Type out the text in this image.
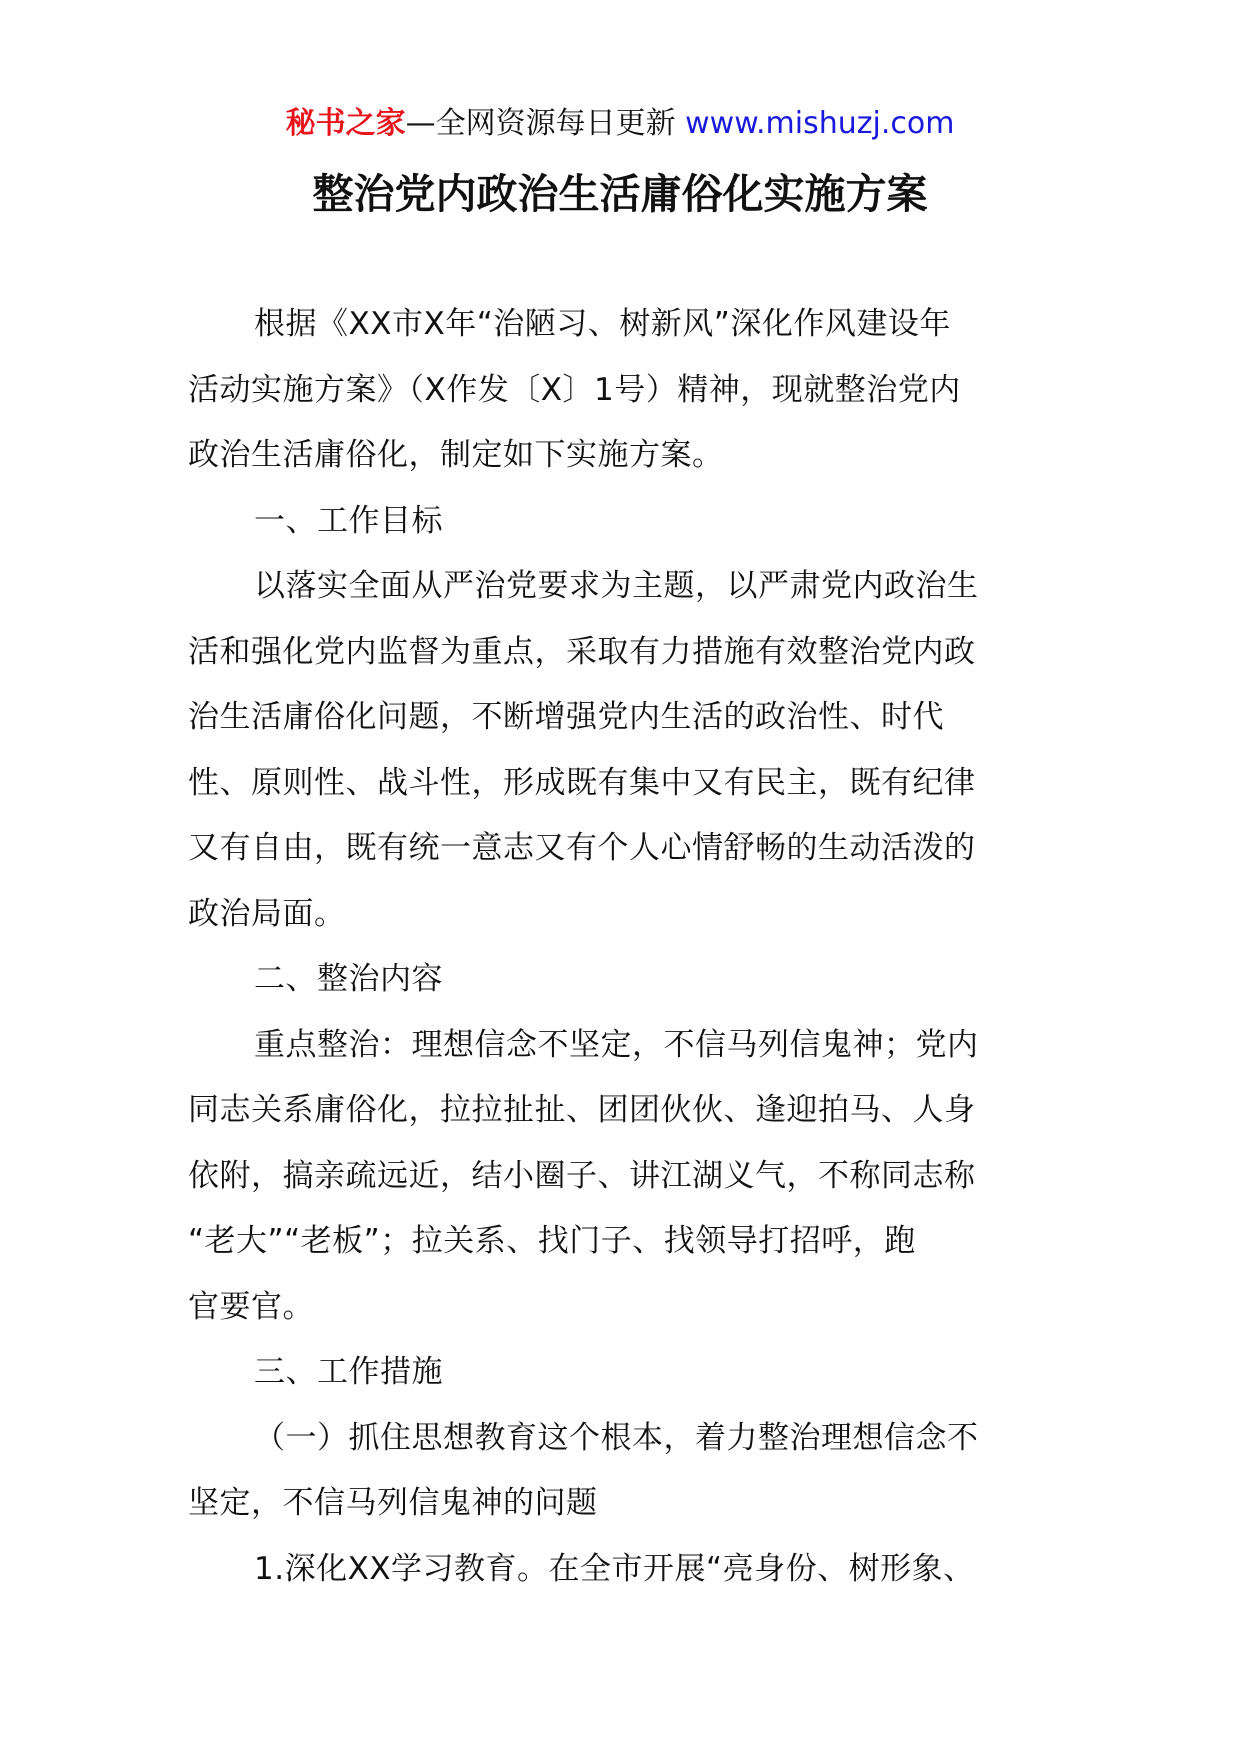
秘书之家—全网资源每日更新 www.mishuzj.com
整治党内政治生活庸俗化实施方案
根据《XX市X年“治陋习、树新风”深化作风建设年
活动实施方案》（X作发〔X〕1号）精神，现就整治党内
政治生活庸俗化，制定如下实施方案。
一、工作目标
以落实全面从严治党要求为主题，以严肃党内政治生
活和强化党内监督为重点，采取有力措施有效整治党内政
治生活庸俗化问题，不断增强党内生活的政治性、时代
性、原则性、战斗性，形成既有集中又有民主，既有纪律
又有自由，既有统一意志又有个人心情舒畅的生动活泼的
政治局面。
二、整治内容
重点整治：理想信念不坚定，不信马列信鬼神；党内
同志关系庸俗化，拉拉扯扯、团团伙伙、逢迎拍马、人身
依附，搞亲疏远近，结小圈子、讲江湖义气，不称同志称
“老大”“老板”；拉关系、找门子、找领导打招呼，跑
官要官。
三、工作措施
（一）抓住思想教育这个根本，着力整治理想信念不
坚定，不信马列信鬼神的问题
1.深化XX学习教育。在全市开展“亮身份、树形象、
